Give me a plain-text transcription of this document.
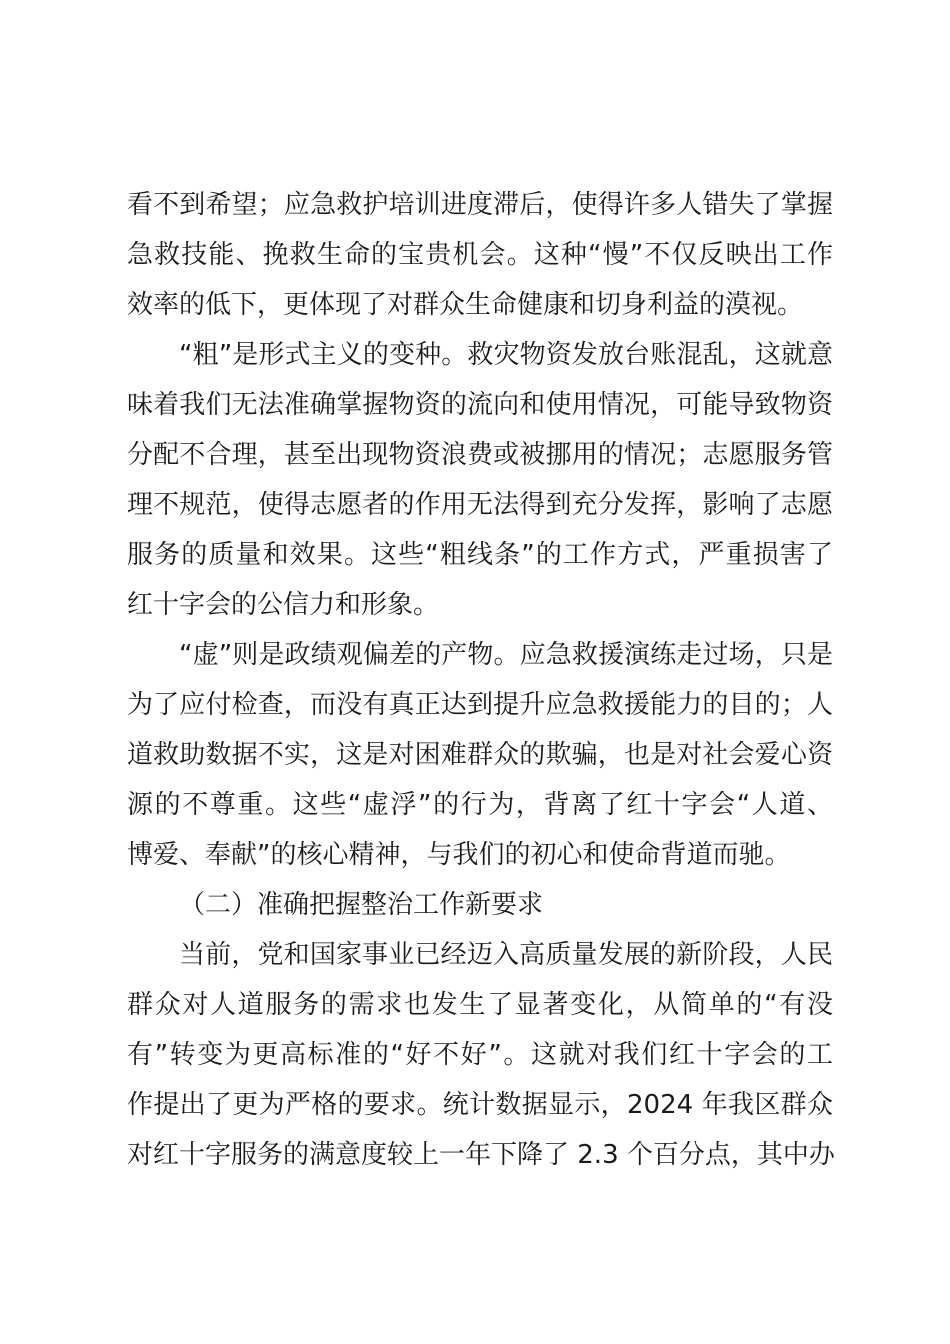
看不到希望；应急救护培训进度滞后，使得许多人错失了掌握
急救技能、挽救生命的宝贵机会。这种“慢”不仅反映出工作
效率的低下，更体现了对群众生命健康和切身利益的漠视。
“粗”是形式主义的变种。救灾物资发放台账混乱，这就意
味着我们无法准确掌握物资的流向和使用情况，可能导致物资
分配不合理，甚至出现物资浪费或被挪用的情况；志愿服务管
理不规范，使得志愿者的作用无法得到充分发挥，影响了志愿
服务的质量和效果。这些“粗线条”的工作方式，严重损害了
红十字会的公信力和形象。
“虚”则是政绩观偏差的产物。应急救援演练走过场，只是
为了应付检查，而没有真正达到提升应急救援能力的目的；人
道救助数据不实，这是对困难群众的欺骗，也是对社会爱心资
源的不尊重。这些“虚浮”的行为，背离了红十字会“人道、
博爱、奉献”的核心精神，与我们的初心和使命背道而驰。
（二）准确把握整治工作新要求
当前，党和国家事业已经迈入高质量发展的新阶段，人民
群众对人道服务的需求也发生了显著变化，从简单的“有没
有”转变为更高标准的“好不好”。这就对我们红十字会的工
作提出了更为严格的要求。统计数据显示，2024 年我区群众
对红十字服务的满意度较上一年下降了 2.3 个百分点，其中办
